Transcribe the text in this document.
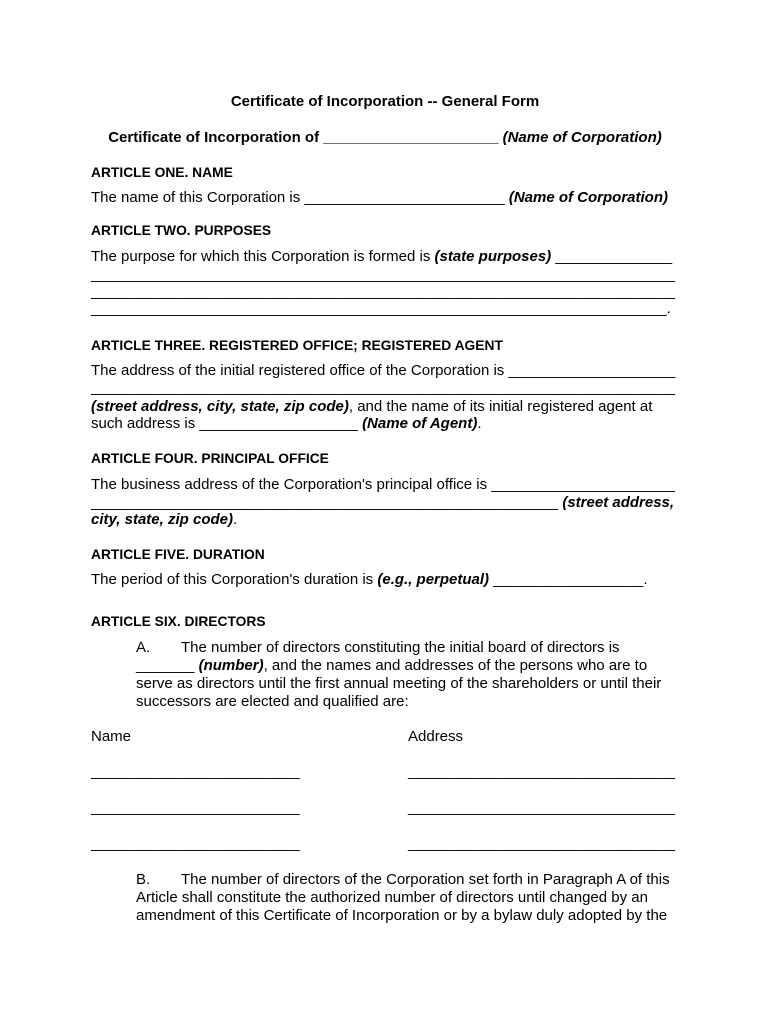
Certificate of Incorporation -- General Form
Certificate of Incorporation of _____________________ (Name of Corporation)
ARTICLE ONE. NAME
The name of this Corporation is ________________________ (Name of Corporation)
ARTICLE TWO. PURPOSES
The purpose for which this Corporation is formed is (state purposes) ______________
______________________________________________________________________
______________________________________________________________________
_____________________________________________________________________.
ARTICLE THREE. REGISTERED OFFICE; REGISTERED AGENT
The address of the initial registered office of the Corporation is ____________________
______________________________________________________________________
(street address, city, state, zip code), and the name of its initial registered agent at
such address is ___________________ (Name of Agent).
ARTICLE FOUR. PRINCIPAL OFFICE
The business address of the Corporation's principal office is ______________________
________________________________________________________ (street address,
city, state, zip code).
ARTICLE FIVE. DURATION
The period of this Corporation's duration is (e.g., perpetual) __________________.
ARTICLE SIX. DIRECTORS
A. The number of directors constituting the initial board of directors is
_______ (number), and the names and addresses of the persons who are to
serve as directors until the first annual meeting of the shareholders or until their
successors are elected and qualified are:
Name	Address
_________________________	________________________________
_________________________	________________________________
_________________________	________________________________
B. The number of directors of the Corporation set forth in Paragraph A of this
Article shall constitute the authorized number of directors until changed by an
amendment of this Certificate of Incorporation or by a bylaw duly adopted by the
